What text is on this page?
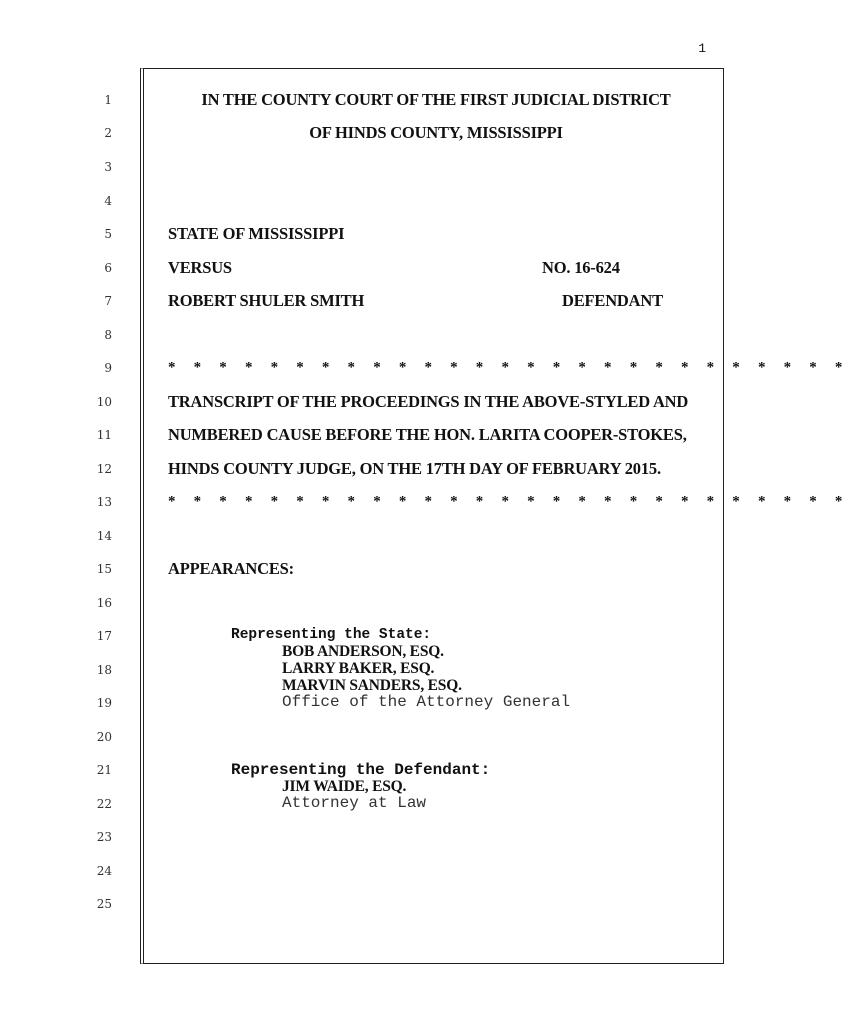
1
1
2
3
4
5
6
7
8
9
10
11
12
13
14
15
16
17
18
19
20
21
22
23
24
25
IN THE COUNTY COURT OF THE FIRST JUDICIAL DISTRICT
OF HINDS COUNTY, MISSISSIPPI
STATE OF MISSISSIPPI
VERSUS	NO. 16-624
ROBERT SHULER SMITH	DEFENDANT
* * * * * * * * * * * * * * * * * * * * * * * * * * *
TRANSCRIPT OF THE PROCEEDINGS IN THE ABOVE-STYLED AND
NUMBERED CAUSE BEFORE THE HON. LARITA COOPER-STOKES,
HINDS COUNTY JUDGE, ON THE 17TH DAY OF FEBRUARY 2015.
* * * * * * * * * * * * * * * * * * * * * * * * * * *
APPEARANCES:
Representing the State:
BOB ANDERSON, ESQ.
LARRY BAKER, ESQ.
MARVIN SANDERS, ESQ.
Office of the Attorney General
Representing the Defendant:
JIM WAIDE, ESQ.
Attorney at Law
